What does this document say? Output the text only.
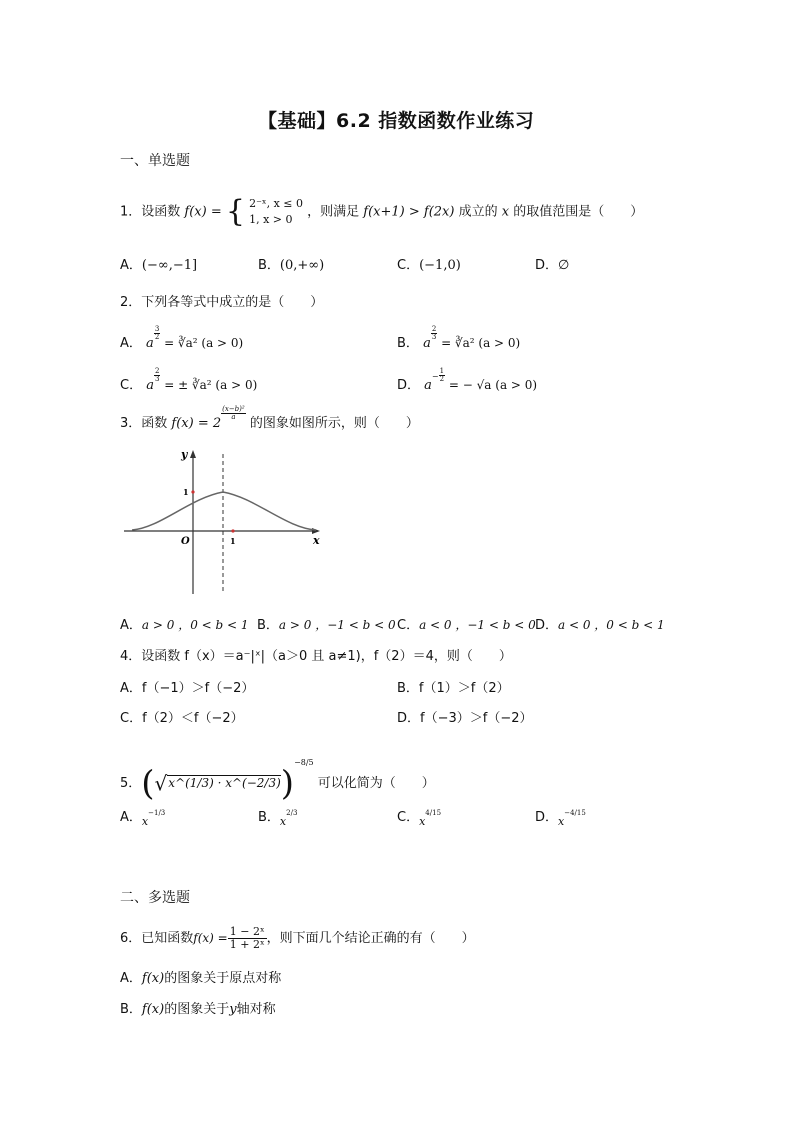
【基础】6.2 指数函数作业练习
一、单选题
1．设函数 f(x) = { 2⁻ˣ, x ≤ 0
1, x > 0	，则满足 f(x+1) > f(2x) 成立的 x 的取值范围是（　　）
A．(−∞,−1]	B．(0,+∞)	C．(−1,0)	D．∅
2．下列各等式中成立的是（　　）
A． a
$\frac{3}{2}$
= ∛a² (a > 0)	B． a
$\frac{2}{3}$
= ∛a² (a > 0)
C． a
$\frac{2}{3}$
= ± ∛a² (a > 0)	D． $a^- \frac{1}{2}$
= − √a (a > 0)
3．函数 f(x) = 2
$\frac{\text{(x−b)²}}{a}$
的图象如图所示，则（　　）
y
x
O
1
1
A．a > 0 ，0 < b < 1 B．a > 0 ，−1 < b < 0 C．a < 0 ，−1 < b < 0 D．a < 0 ，0 < b < 1
4．设函数 f（x）＝a⁻|ˣ|（a＞0 且 a≠1)，f（2）＝4，则（　　）
A．f（−1）＞f（−2）	B．f（1）＞f（2）
C．f（2）＜f（−2）	D．f（−3）＞f（−2）
5．(√x^(1/3) · x^(−2/3))$^{-8/5}$ 可以化简为（　　）
A．$_x^{-1/3}$	B．$_x^{2/3}$	C．$_x^{4/15}$	D．$_x^{-4/15}$
二、多选题
6．已知函数$f(x) = \frac{\text{1 − 2ˣ}}{\text{1 + 2ˣ}}$ ，则下面几个结论正确的有（　　）
A．f(x)的图象关于原点对称
B．f(x)的图象关于y轴对称
